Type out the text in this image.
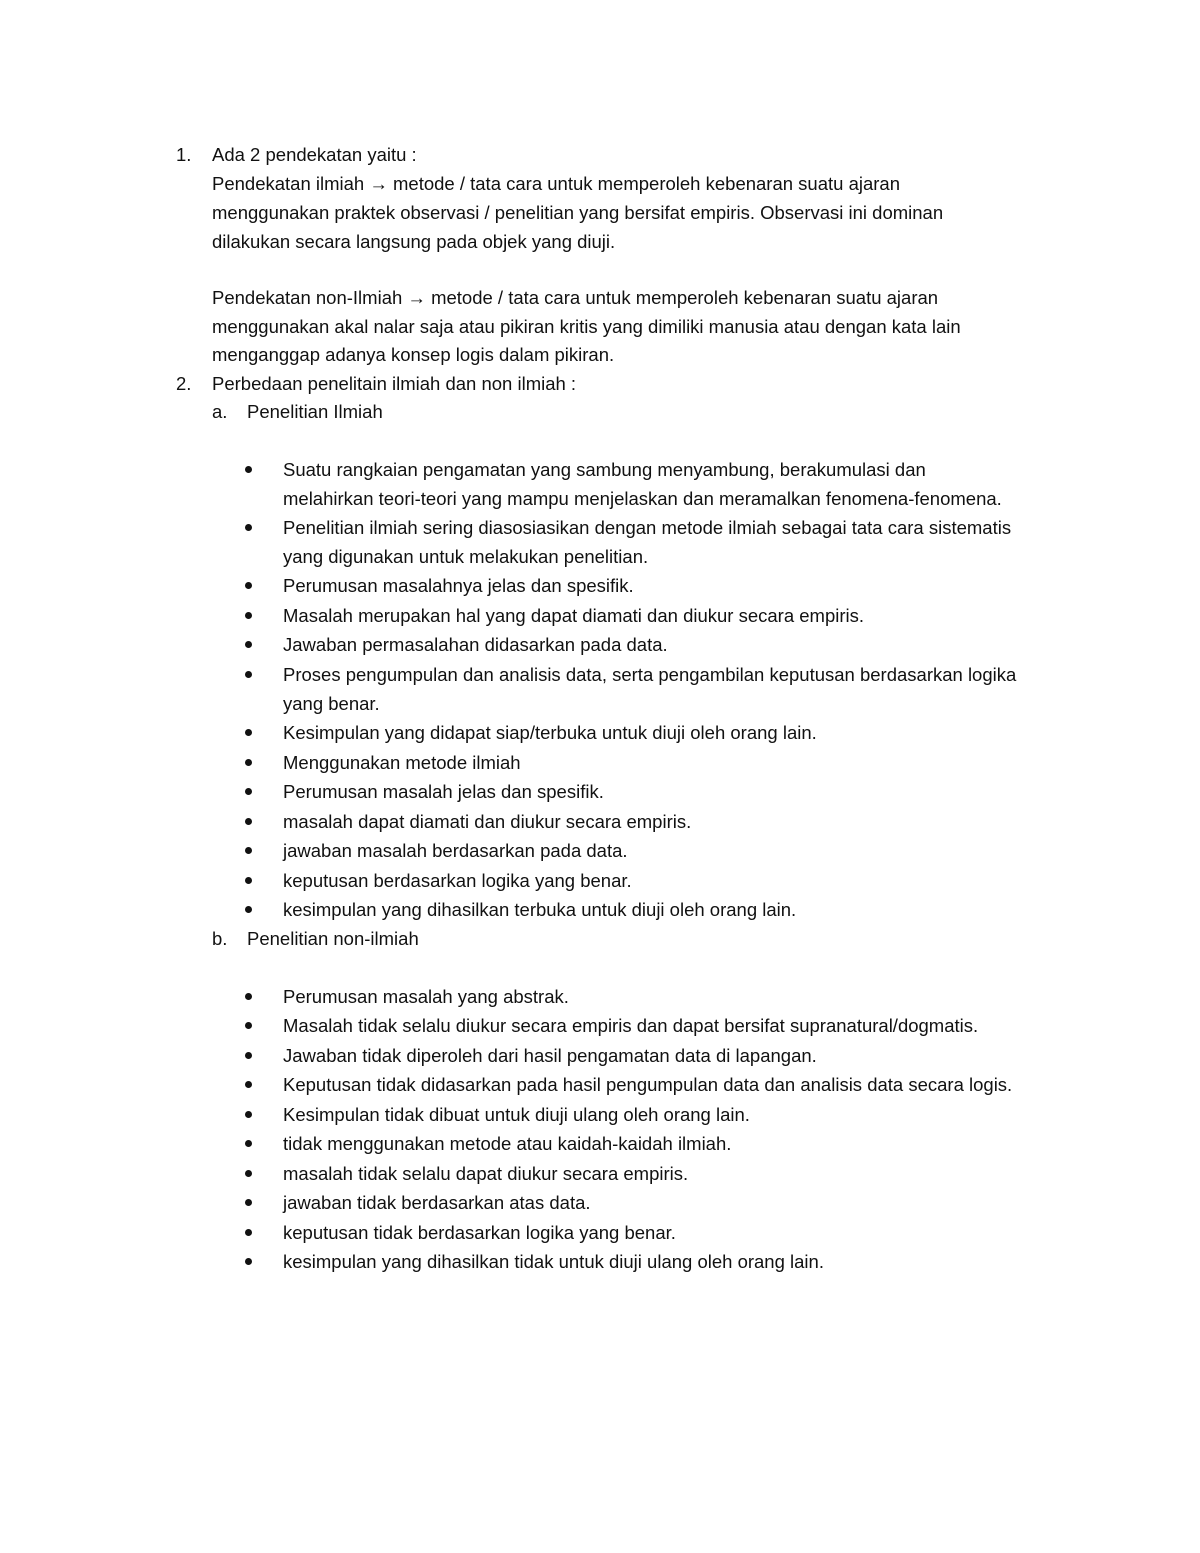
1. Ada 2 pendekatan yaitu :
Pendekatan ilmiah → metode / tata cara untuk memperoleh kebenaran suatu ajaran
menggunakan praktek observasi / penelitian yang bersifat empiris. Observasi ini dominan
dilakukan secara langsung pada objek yang diuji.
Pendekatan non-Ilmiah → metode / tata cara untuk memperoleh kebenaran suatu ajaran
menggunakan akal nalar saja atau pikiran kritis yang dimiliki manusia atau dengan kata lain
menganggap adanya konsep logis dalam pikiran.
2. Perbedaan penelitain ilmiah dan non ilmiah :
a. Penelitian Ilmiah
Suatu rangkaian pengamatan yang sambung menyambung, berakumulasi dan
melahirkan teori-teori yang mampu menjelaskan dan meramalkan fenomena-fenomena.
Penelitian ilmiah sering diasosiasikan dengan metode ilmiah sebagai tata cara sistematis
yang digunakan untuk melakukan penelitian.
Perumusan masalahnya jelas dan spesifik.
Masalah merupakan hal yang dapat diamati dan diukur secara empiris.
Jawaban permasalahan didasarkan pada data.
Proses pengumpulan dan analisis data, serta pengambilan keputusan berdasarkan logika
yang benar.
Kesimpulan yang didapat siap/terbuka untuk diuji oleh orang lain.
Menggunakan metode ilmiah
Perumusan masalah jelas dan spesifik.
masalah dapat diamati dan diukur secara empiris.
jawaban masalah berdasarkan pada data.
keputusan berdasarkan logika yang benar.
kesimpulan yang dihasilkan terbuka untuk diuji oleh orang lain.
b. Penelitian non-ilmiah
Perumusan masalah yang abstrak.
Masalah tidak selalu diukur secara empiris dan dapat bersifat supranatural/dogmatis.
Jawaban tidak diperoleh dari hasil pengamatan data di lapangan.
Keputusan tidak didasarkan pada hasil pengumpulan data dan analisis data secara logis.
Kesimpulan tidak dibuat untuk diuji ulang oleh orang lain.
tidak menggunakan metode atau kaidah-kaidah ilmiah.
masalah tidak selalu dapat diukur secara empiris.
jawaban tidak berdasarkan atas data.
keputusan tidak berdasarkan logika yang benar.
kesimpulan yang dihasilkan tidak untuk diuji ulang oleh orang lain.
